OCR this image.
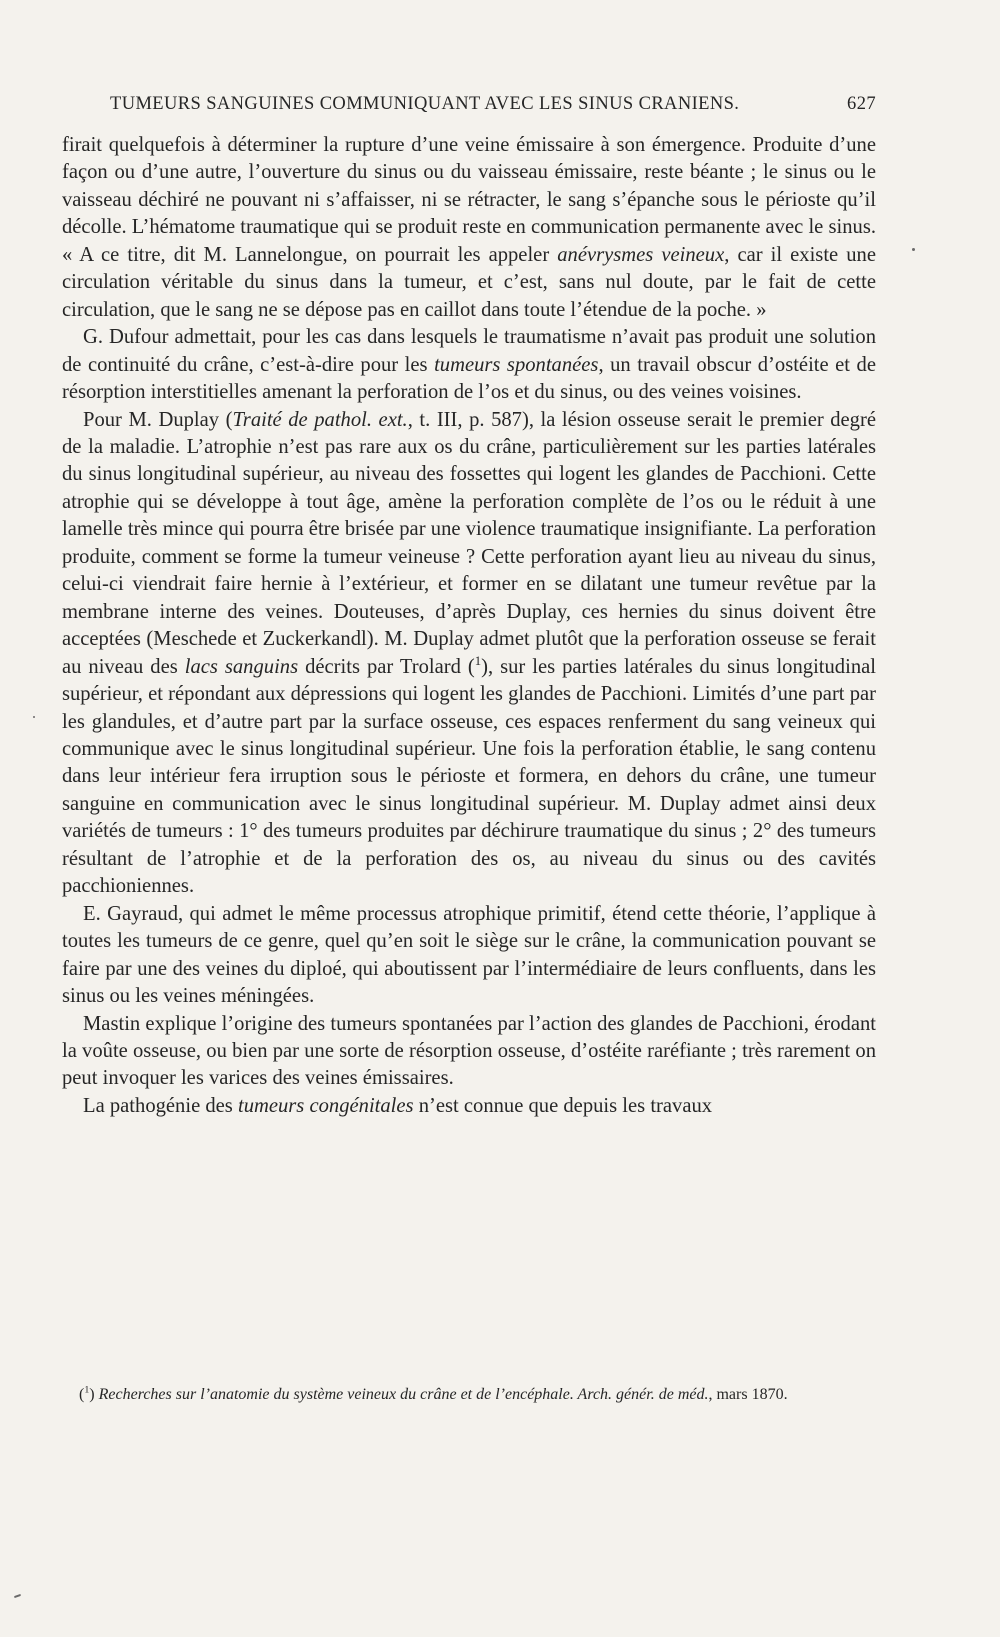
TUMEURS SANGUINES COMMUNIQUANT AVEC LES SINUS CRANIENS.	627

firait quelquefois à déterminer la rupture d’une veine émissaire à son émergence. Produite d’une façon ou d’une autre, l’ouverture du sinus ou du vaisseau émissaire, reste béante ; le sinus ou le vaisseau déchiré ne pouvant ni s’affaisser, ni se rétracter, le sang s’épanche sous le périoste qu’il décolle. L’hématome traumatique qui se produit reste en communication permanente avec le sinus. « A ce titre, dit M. Lannelongue, on pourrait les appeler anévrysmes veineux, car il existe une circulation véritable du sinus dans la tumeur, et c’est, sans nul doute, par le fait de cette circulation, que le sang ne se dépose pas en caillot dans toute l’étendue de la poche. »

G. Dufour admettait, pour les cas dans lesquels le traumatisme n’avait pas produit une solution de continuité du crâne, c’est-à-dire pour les tumeurs spontanées, un travail obscur d’ostéite et de résorption interstitielles amenant la perforation de l’os et du sinus, ou des veines voisines.

Pour M. Duplay (Traité de pathol. ext., t. III, p. 587), la lésion osseuse serait le premier degré de la maladie. L’atrophie n’est pas rare aux os du crâne, particulièrement sur les parties latérales du sinus longitudinal supérieur, au niveau des fossettes qui logent les glandes de Pacchioni. Cette atrophie qui se développe à tout âge, amène la perforation complète de l’os ou le réduit à une lamelle très mince qui pourra être brisée par une violence traumatique insignifiante. La perforation produite, comment se forme la tumeur veineuse ? Cette perforation ayant lieu au niveau du sinus, celui-ci viendrait faire hernie à l’extérieur, et former en se dilatant une tumeur revêtue par la membrane interne des veines. Douteuses, d’après Duplay, ces hernies du sinus doivent être acceptées (Meschede et Zuckerkandl). M. Duplay admet plutôt que la perforation osseuse se ferait au niveau des lacs sanguins décrits par Trolard ($^1$), sur les parties latérales du sinus longitudinal supérieur, et répondant aux dépressions qui logent les glandes de Pacchioni. Limités d’une part par les glandules, et d’autre part par la surface osseuse, ces espaces renferment du sang veineux qui communique avec le sinus longitudinal supérieur. Une fois la perforation établie, le sang contenu dans leur intérieur fera irruption sous le périoste et formera, en dehors du crâne, une tumeur sanguine en communication avec le sinus longitudinal supérieur. M. Duplay admet ainsi deux variétés de tumeurs : 1° des tumeurs produites par déchirure traumatique du sinus ; 2° des tumeurs résultant de l’atrophie et de la perforation des os, au niveau du sinus ou des cavités pacchioniennes.

E. Gayraud, qui admet le même processus atrophique primitif, étend cette théorie, l’applique à toutes les tumeurs de ce genre, quel qu’en soit le siège sur le crâne, la communication pouvant se faire par une des veines du diploé, qui aboutissent par l’intermédiaire de leurs confluents, dans les sinus ou les veines méningées.

Mastin explique l’origine des tumeurs spontanées par l’action des glandes de Pacchioni, érodant la voûte osseuse, ou bien par une sorte de résorption osseuse, d’ostéite raréfiante ; très rarement on peut invoquer les varices des veines émissaires.

La pathogénie des tumeurs congénitales n’est connue que depuis les travaux

($^1$) Recherches sur l’anatomie du système veineux du crâne et de l’encéphale. Arch. génér. de méd., mars 1870.
